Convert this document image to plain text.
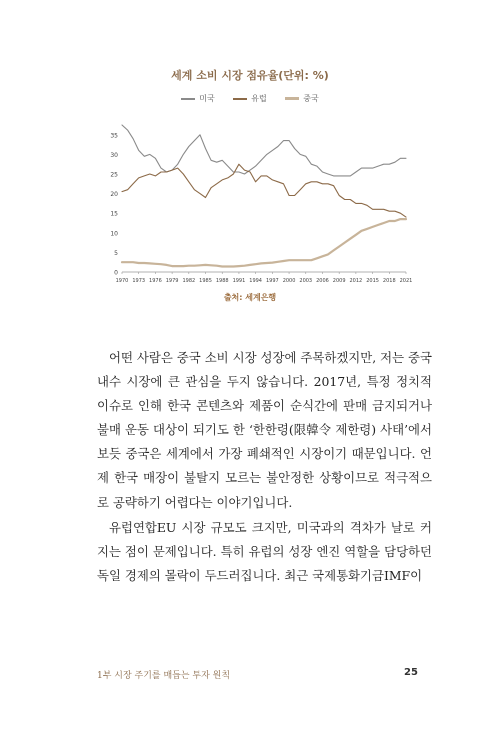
세계 소비 시장 점유율(단위: %)
미국	유럽	중국
0
5
10
15
20
25
30
35
1970 1973 1976 1979 1982 1985 1988 1991 1994 1997 2000 2003 2006 2009 2012 2015 2018 2021
출처: 세계은행

어떤 사람은 중국 소비 시장 성장에 주목하겠지만, 저는 중국 내수 시장에 큰 관심을 두지 않습니다. 2017년, 특정 정치적 이슈로 인해 한국 콘텐츠와 제품이 순식간에 판매 금지되거나 불매 운동 대상이 되기도 한 ‘한한령(限韓令 제한령) 사태’에서 보듯 중국은 세계에서 가장 폐쇄적인 시장이기 때문입니다. 언제 한국 매장이 불탈지 모르는 불안정한 상황이므로 적극적으로 공략하기 어렵다는 이야기입니다.

유럽연합EU 시장 규모도 크지만, 미국과의 격차가 날로 커지는 점이 문제입니다. 특히 유럽의 성장 엔진 역할을 담당하던 독일 경제의 몰락이 두드러집니다. 최근 국제통화기금IMF이

1부 시장 주기를 매듭는 투자 원칙	25
